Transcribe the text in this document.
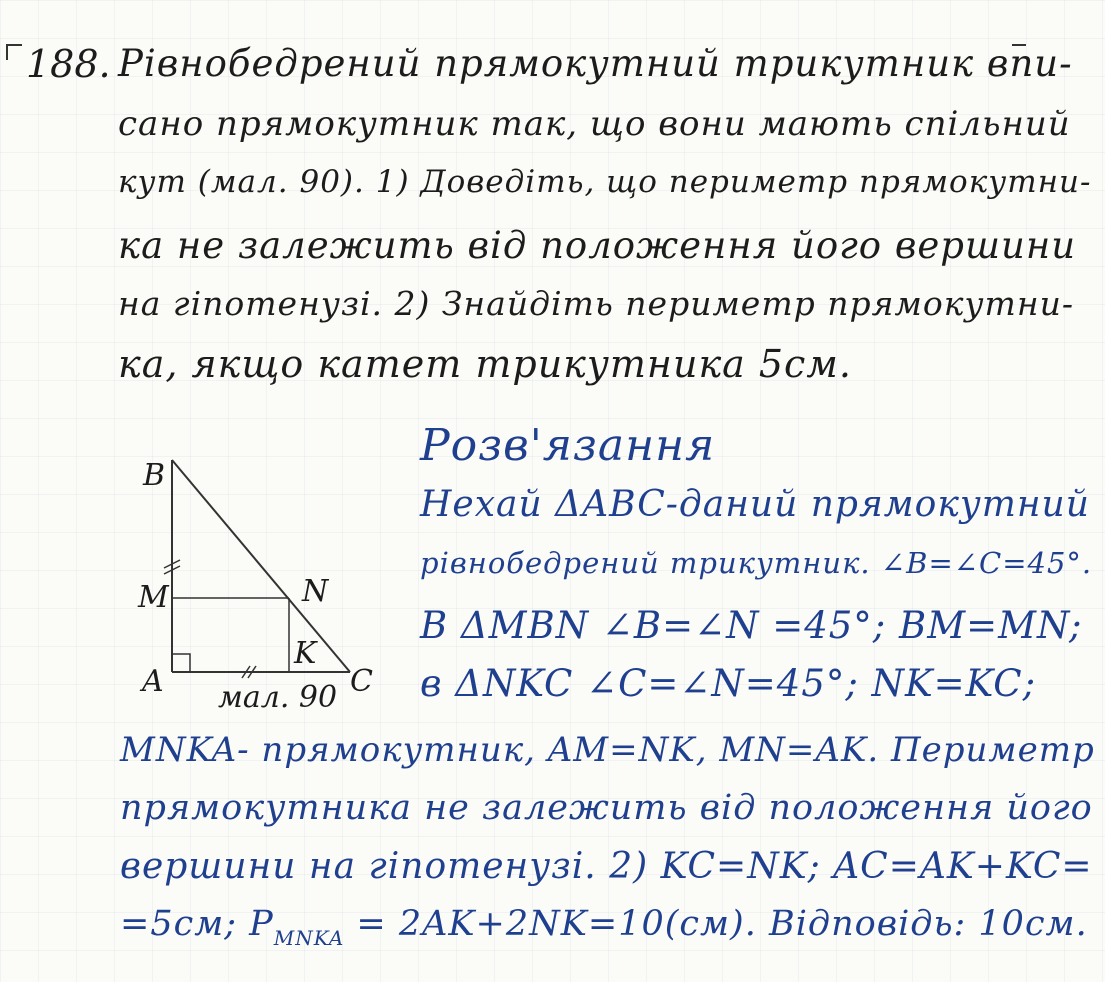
188. Рівнобедрений прямокутний трикутник впи-
сано прямокутник так, що вони мають спільний
кут (мал. 90). 1) Доведіть, що периметр прямокутни-
ка не залежить від положення його вершини
на гіпотенузі. 2) Знайдіть периметр прямокутни-
ка, якщо катет трикутника 5см.
B
M	N
A
K
C
мал. 90
Розв'язання
Нехай ΔABC-даний прямокутний
рівнобедрений трикутник. ∠B=∠C=45°.
В ΔMBN ∠B=∠N =45°; BM=MN;
в ΔNKC ∠C=∠N=45°; NK=KC;
MNKA- прямокутник, AM=NK, MN=AK. Периметр
прямокутника не залежить від положення його
вершини на гіпотенузі. 2) KC=NK; AC=AK+KC=
=5см; $P_{MNKA} = 2AK+2NK=10(см)$. Відповідь: 10см.
